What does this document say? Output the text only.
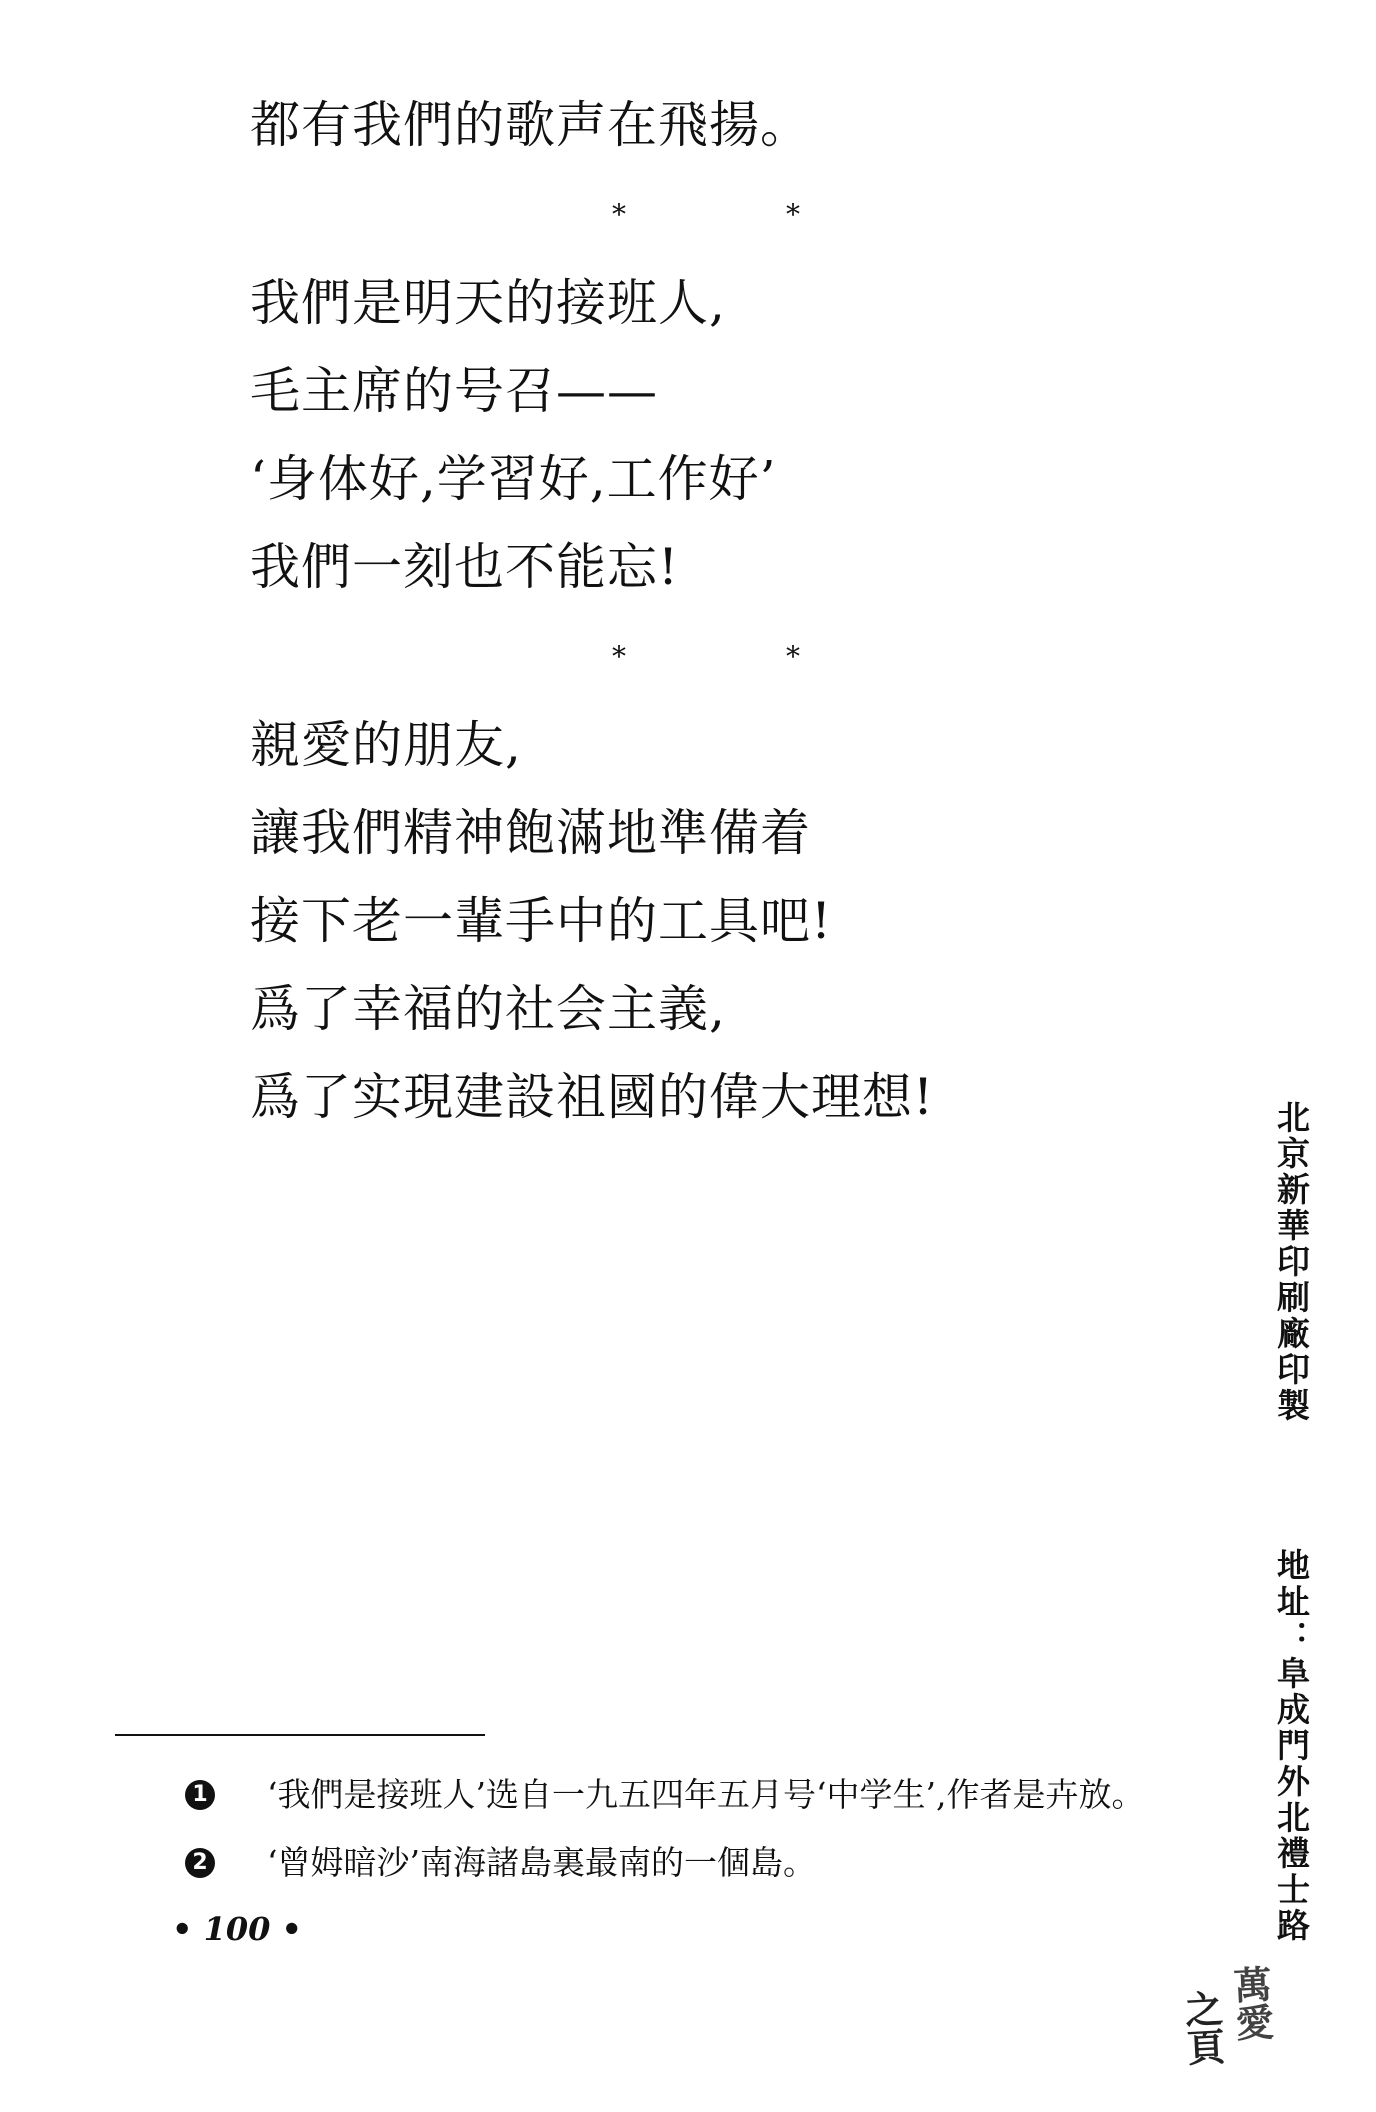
都有我們的歌声在飛揚。

*	*

我們是明天的接班人,

毛主席的号召——

‘身体好,学習好,工作好’

我們一刻也不能忘!

*	*

親愛的朋友,

讓我們精神飽滿地準備着

接下老一輩手中的工具吧!

爲了幸福的社会主義,

爲了实現建設祖國的偉大理想!

1 ‘我們是接班人’选自一九五四年五月号‘中学生’,作者是卉放。
2 ‘曾姆暗沙’南海諸島裏最南的一個島。
• 100 •
北京新華印刷廠印製  地址：阜成門外北禮士路
之頁 萬愛
